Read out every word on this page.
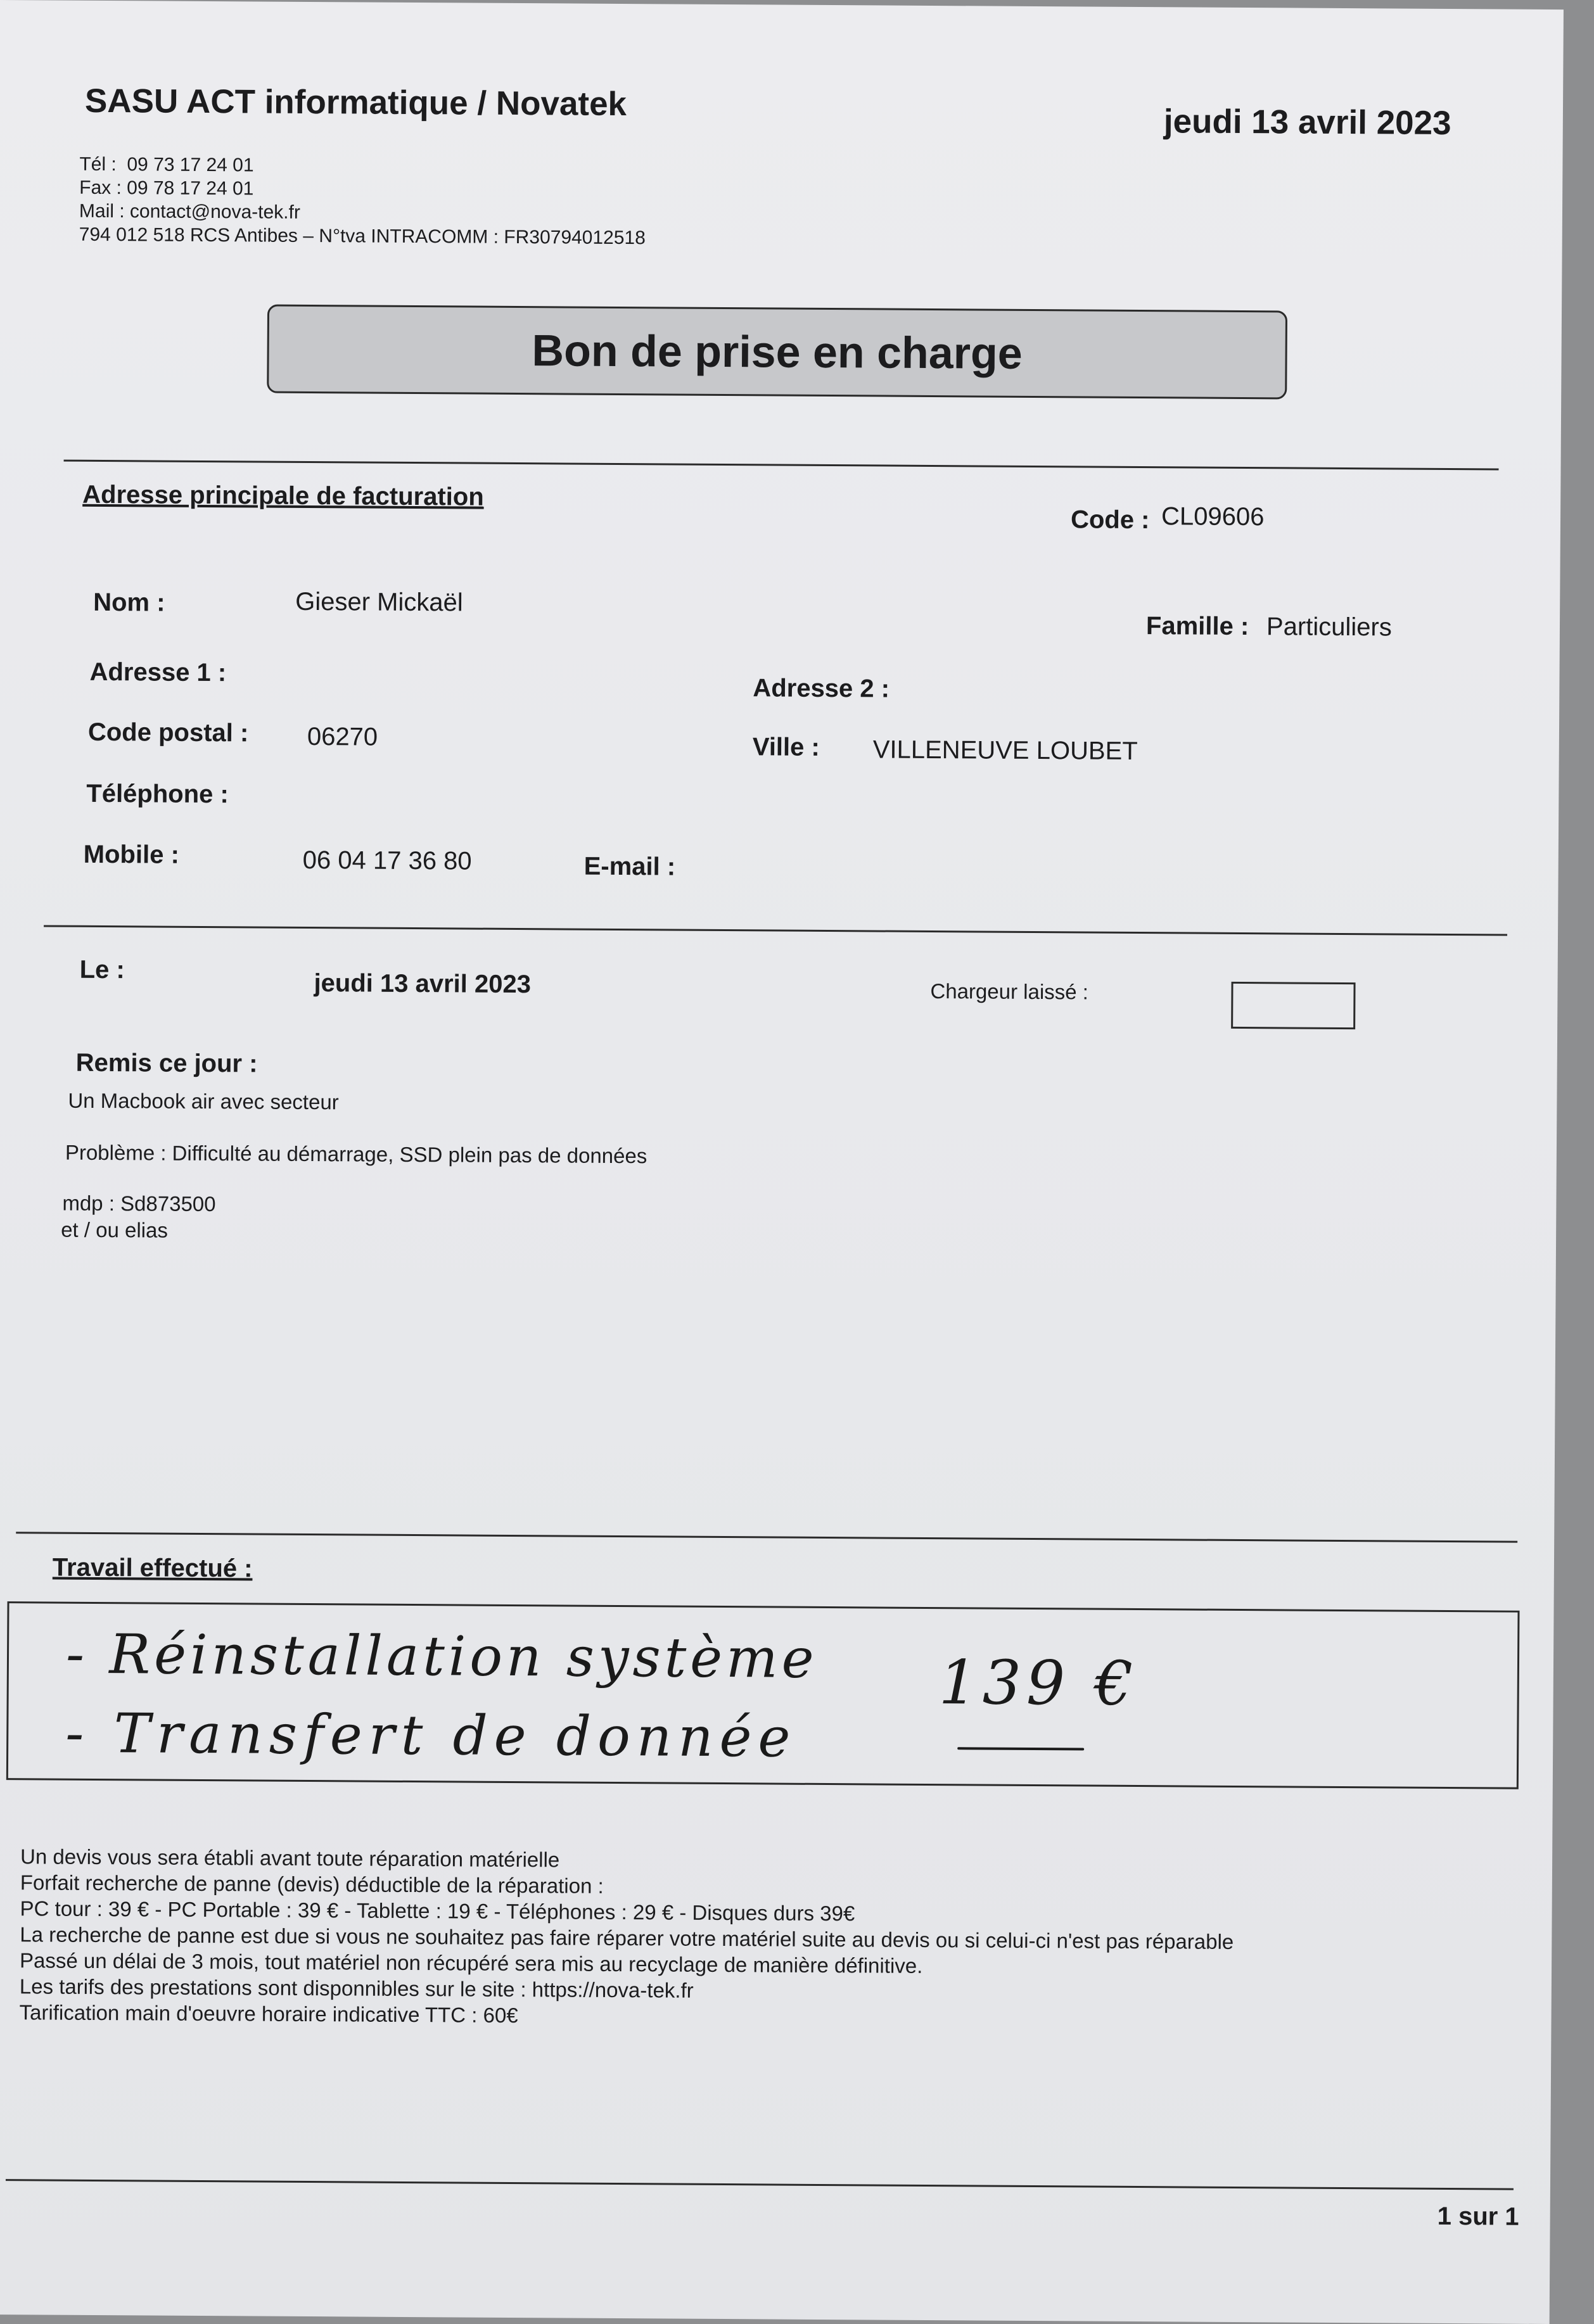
SASU ACT informatique / Novatek	jeudi 13 avril 2023
Tél :  09 73 17 24 01
Fax : 09 78 17 24 01
Mail : contact@nova-tek.fr
794 012 518 RCS Antibes – N°tva INTRACOMM : FR30794012518
Bon de prise en charge
Adresse principale de facturation
Code : CL09606
Nom :	Gieser Mickaël
Famille : Particuliers
Adresse 1 :
Adresse 2 :
Code postal : 06270	Ville : VILLENEUVE LOUBET
Téléphone :
Mobile :	06 04 17 36 80	E-mail :
Le :	jeudi 13 avril 2023	Chargeur laissé :
Remis ce jour :
Un Macbook air avec secteur
Problème : Difficulté au démarrage, SSD plein pas de données
mdp : Sd873500
et / ou elias
Travail effectué :
- Réinstallation système
- Transfert de donnée
139 €
Un devis vous sera établi avant toute réparation matérielle
Forfait recherche de panne (devis) déductible de la réparation :
PC tour : 39 € - PC Portable : 39 € - Tablette : 19 € - Téléphones : 29 € - Disques durs 39€
La recherche de panne est due si vous ne souhaitez pas faire réparer votre matériel suite au devis ou si celui-ci n'est pas réparable
Passé un délai de 3 mois, tout matériel non récupéré sera mis au recyclage de manière définitive.
Les tarifs des prestations sont disponnibles sur le site : https://nova-tek.fr
Tarification main d'oeuvre horaire indicative TTC : 60€
1 sur 1
